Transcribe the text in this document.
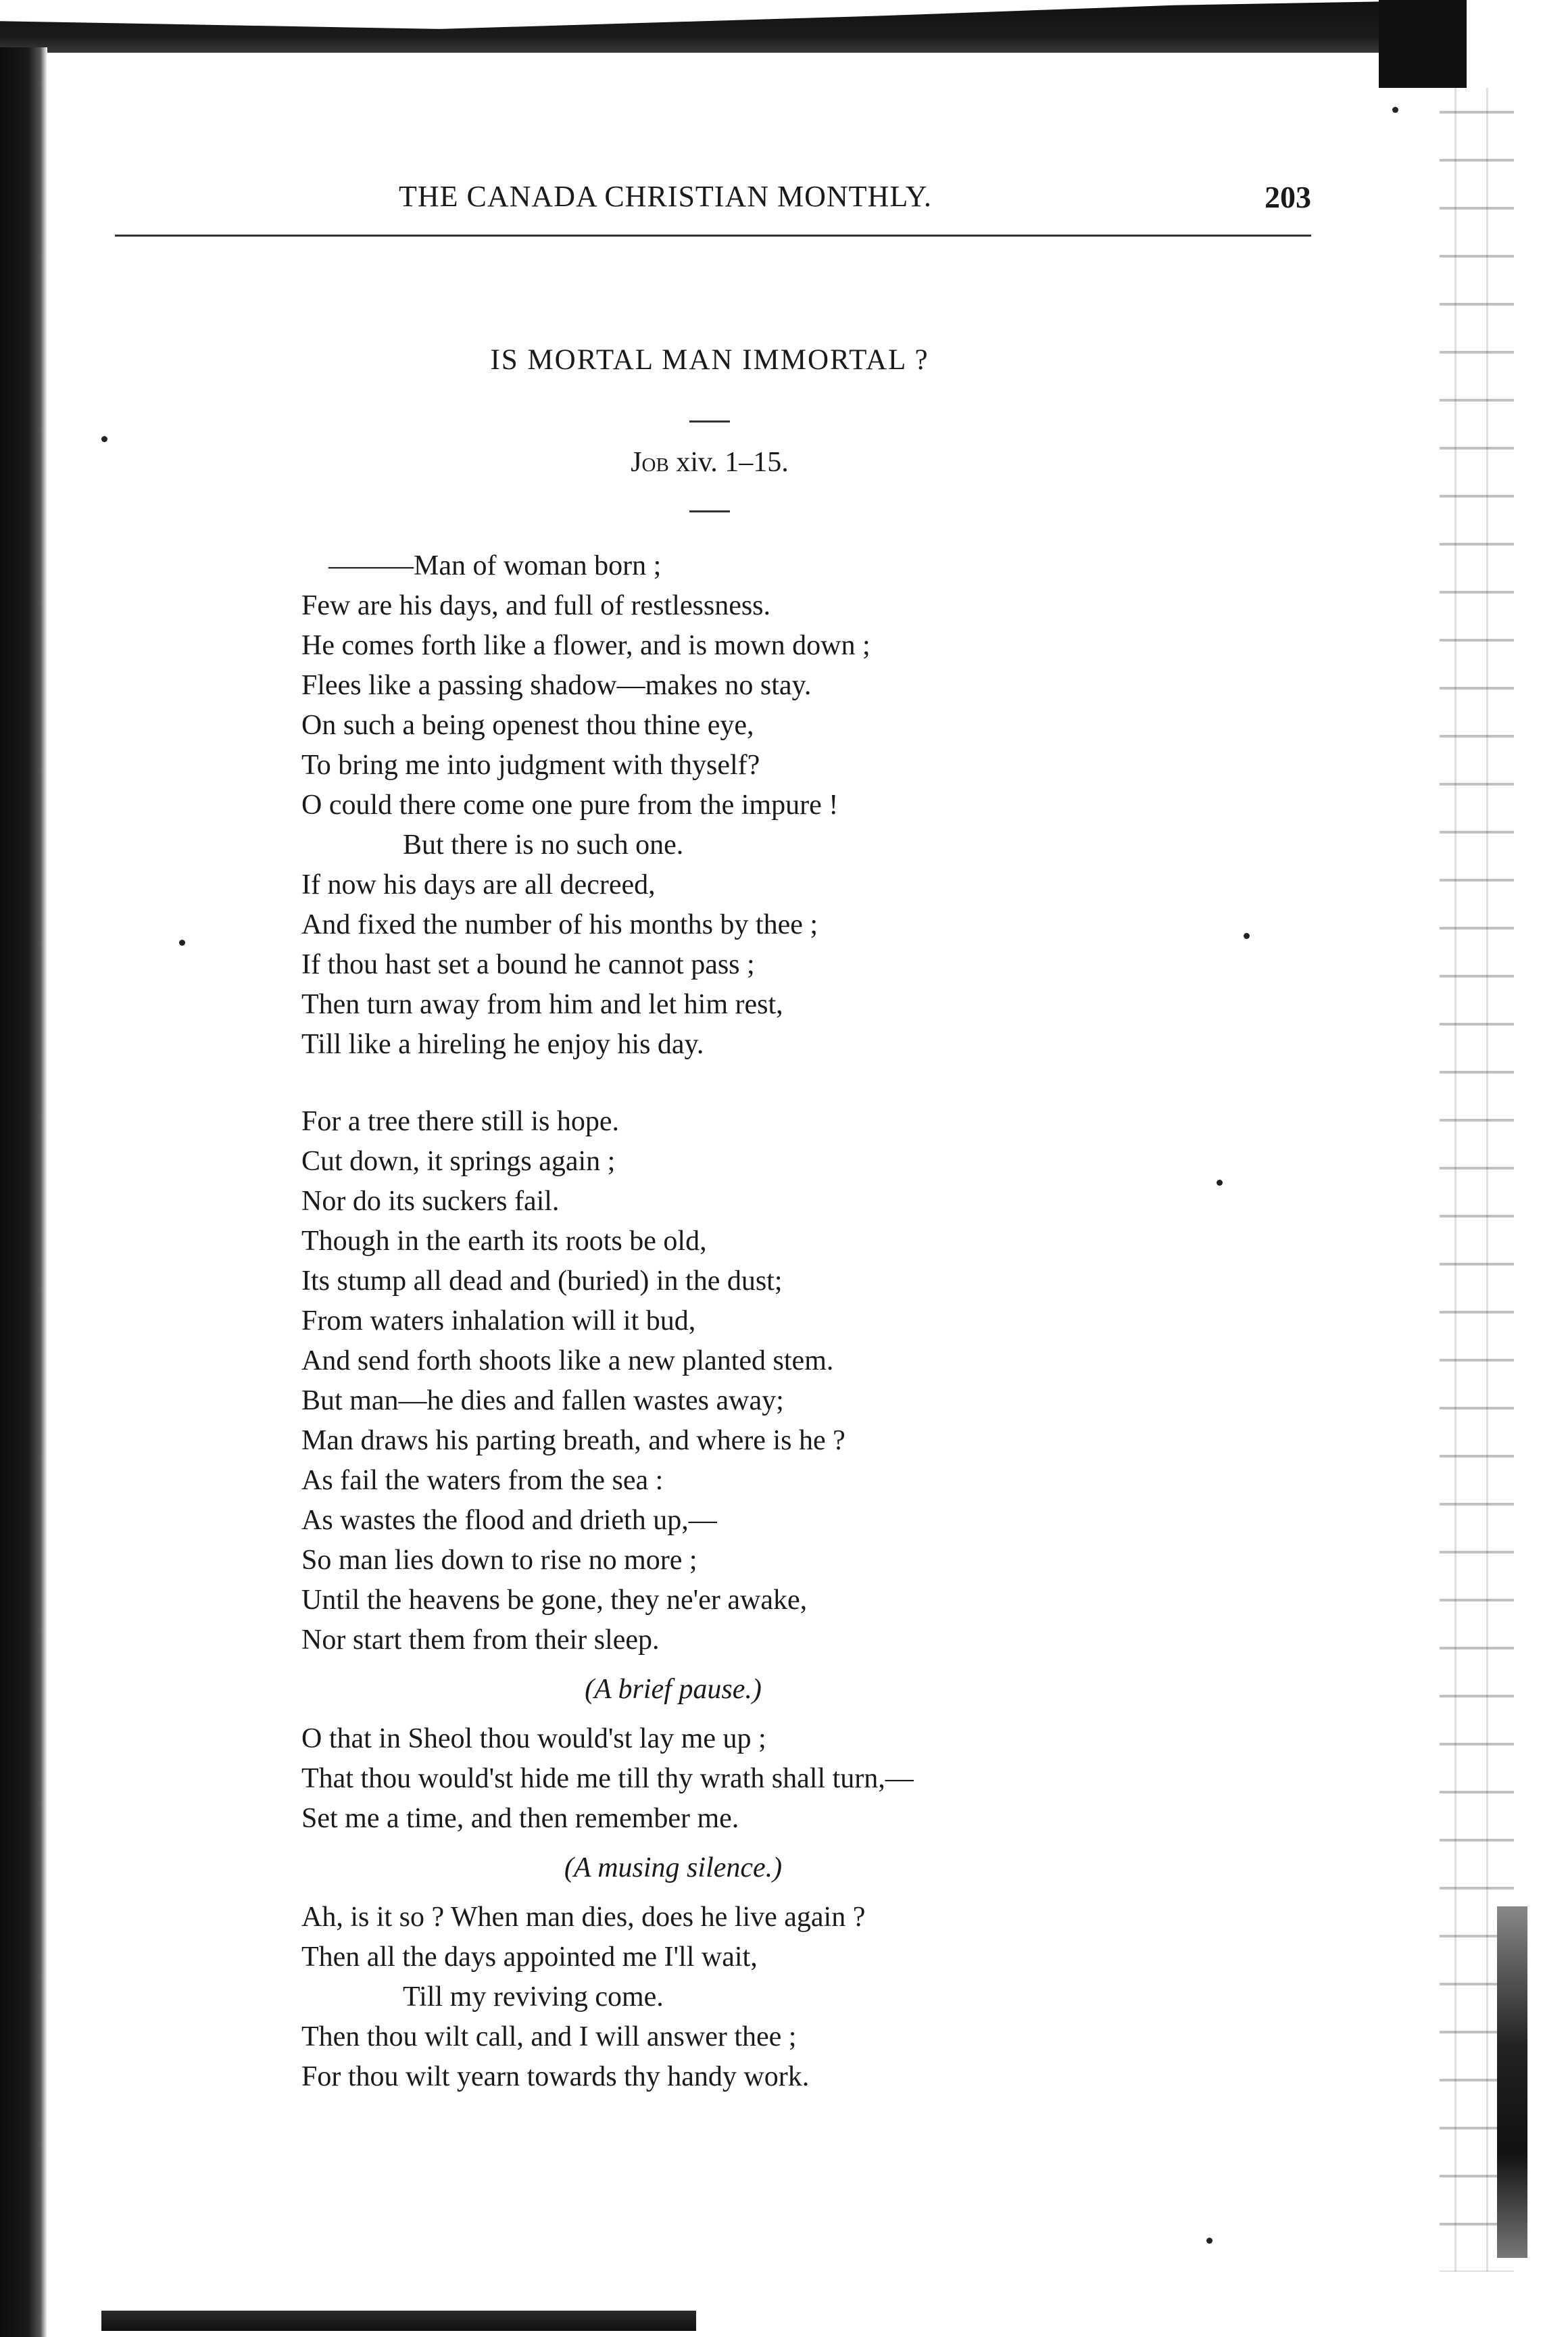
THE CANADA CHRISTIAN MONTHLY.	203
IS MORTAL MAN IMMORTAL ?
Job xiv. 1–15.
———Man of woman born ;
Few are his days, and full of restlessness.
He comes forth like a flower, and is mown down ;
Flees like a passing shadow—makes no stay.
On such a being openest thou thine eye,
To bring me into judgment with thyself?
O could there come one pure from the impure !
But there is no such one.
If now his days are all decreed,
And fixed the number of his months by thee ;
If thou hast set a bound he cannot pass ;
Then turn away from him and let him rest,
Till like a hireling he enjoy his day.
For a tree there still is hope.
Cut down, it springs again ;
Nor do its suckers fail.
Though in the earth its roots be old,
Its stump all dead and (buried) in the dust;
From waters inhalation will it bud,
And send forth shoots like a new planted stem.
But man—he dies and fallen wastes away;
Man draws his parting breath, and where is he ?
As fail the waters from the sea :
As wastes the flood and drieth up,—
So man lies down to rise no more ;
Until the heavens be gone, they ne'er awake,
Nor start them from their sleep.
(A brief pause.)
O that in Sheol thou would'st lay me up ;
That thou would'st hide me till thy wrath shall turn,—
Set me a time, and then remember me.
(A musing silence.)
Ah, is it so ? When man dies, does he live again ?
Then all the days appointed me I'll wait,
Till my reviving come.
Then thou wilt call, and I will answer thee ;
For thou wilt yearn towards thy handy work.
